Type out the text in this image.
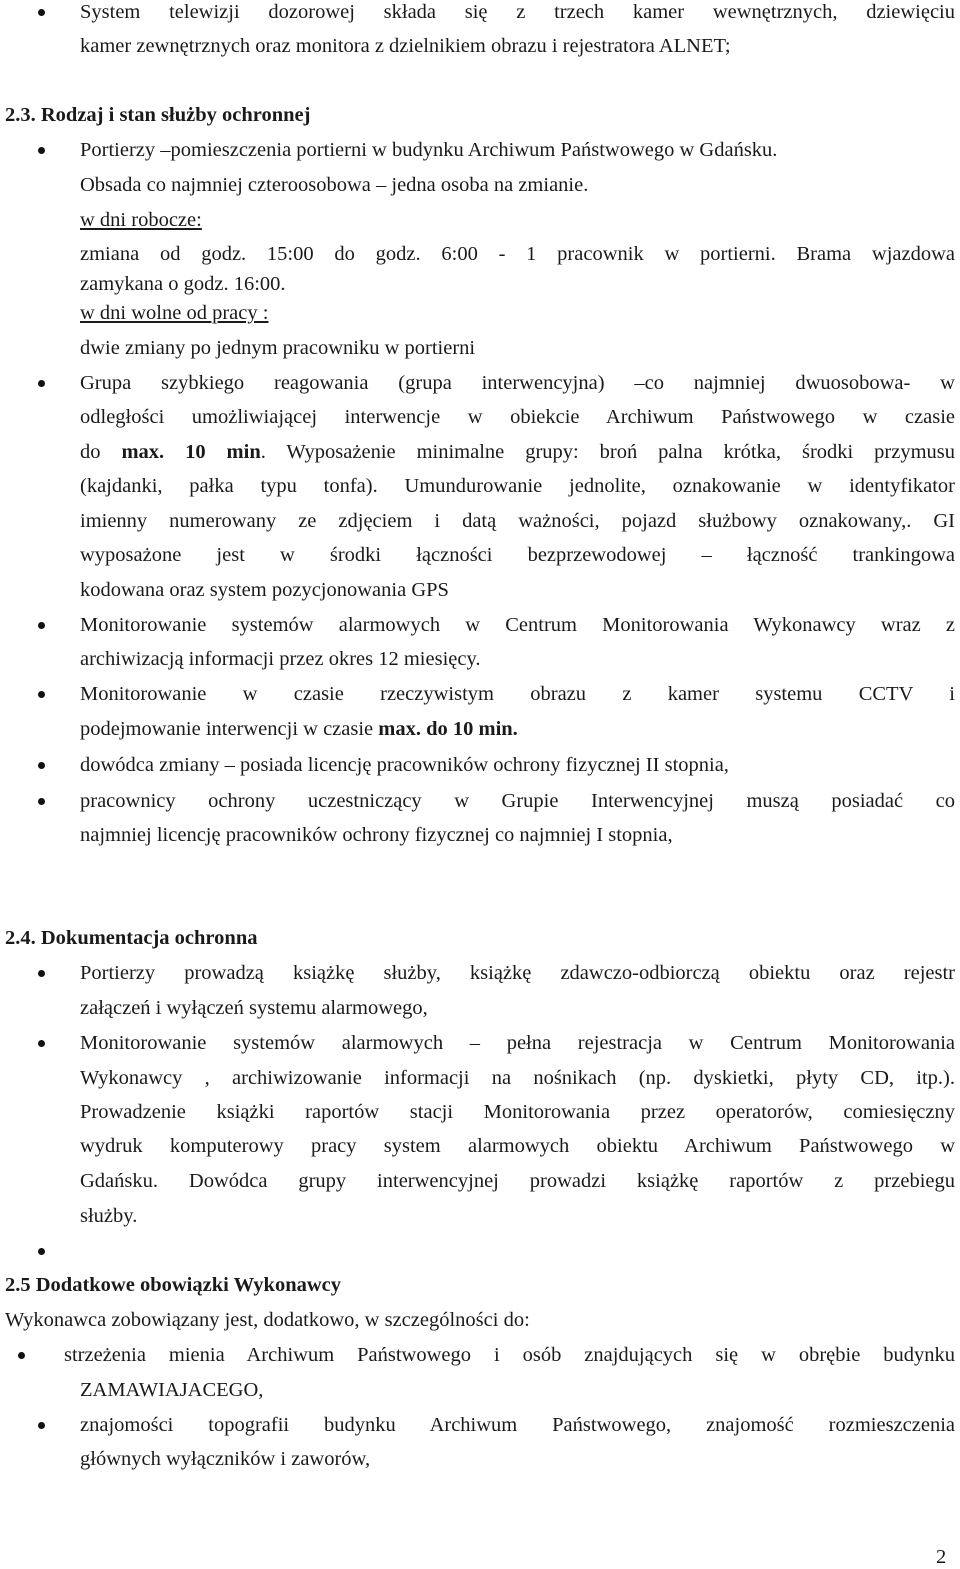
System telewizji dozorowej składa się z trzech kamer wewnętrznych, dziewięciu
kamer zewnętrznych oraz monitora z dzielnikiem obrazu i rejestratora ALNET;
2.3. Rodzaj i stan służby ochronnej
Portierzy –pomieszczenia portierni w budynku Archiwum Państwowego w Gdańsku.
Obsada co najmniej czteroosobowa – jedna osoba na zmianie.
w dni robocze:
zmiana od godz. 15:00 do godz. 6:00 - 1 pracownik w portierni. Brama wjazdowa
zamykana o godz. 16:00.
w dni wolne od pracy :
dwie zmiany po jednym pracowniku w portierni
Grupa szybkiego reagowania (grupa interwencyjna) –co najmniej dwuosobowa- w
odległości umożliwiającej interwencje w obiekcie Archiwum Państwowego w czasie
do max. 10 min. Wyposażenie minimalne grupy: broń palna krótka, środki przymusu
(kajdanki, pałka typu tonfa). Umundurowanie jednolite, oznakowanie w identyfikator
imienny numerowany ze zdjęciem i datą ważności, pojazd służbowy oznakowany,. GI
wyposażone jest w środki łączności bezprzewodowej – łączność trankingowa
kodowana oraz system pozycjonowania GPS
Monitorowanie systemów alarmowych w Centrum Monitorowania Wykonawcy wraz z
archiwizacją informacji przez okres 12 miesięcy.
Monitorowanie w czasie rzeczywistym obrazu z kamer systemu CCTV i
podejmowanie interwencji w czasie max. do 10 min.
dowódca zmiany – posiada licencję pracowników ochrony fizycznej II stopnia,
pracownicy ochrony uczestniczący w Grupie Interwencyjnej muszą posiadać co
najmniej licencję pracowników ochrony fizycznej co najmniej I stopnia,
2.4. Dokumentacja ochronna
Portierzy prowadzą książkę służby, książkę zdawczo-odbiorczą obiektu oraz rejestr
załączeń i wyłączeń systemu alarmowego,
Monitorowanie systemów alarmowych – pełna rejestracja w Centrum Monitorowania
Wykonawcy , archiwizowanie informacji na nośnikach (np. dyskietki, płyty CD, itp.).
Prowadzenie książki raportów stacji Monitorowania przez operatorów, comiesięczny
wydruk komputerowy pracy system alarmowych obiektu Archiwum Państwowego w
Gdańsku. Dowódca grupy interwencyjnej prowadzi książkę raportów z przebiegu
służby.
2.5 Dodatkowe obowiązki Wykonawcy
Wykonawca zobowiązany jest, dodatkowo, w szczególności do:
strzeżenia mienia Archiwum Państwowego i osób znajdujących się w obrębie budynku
ZAMAWIAJACEGO,
znajomości topografii budynku Archiwum Państwowego, znajomość rozmieszczenia
głównych wyłączników i zaworów,
2
